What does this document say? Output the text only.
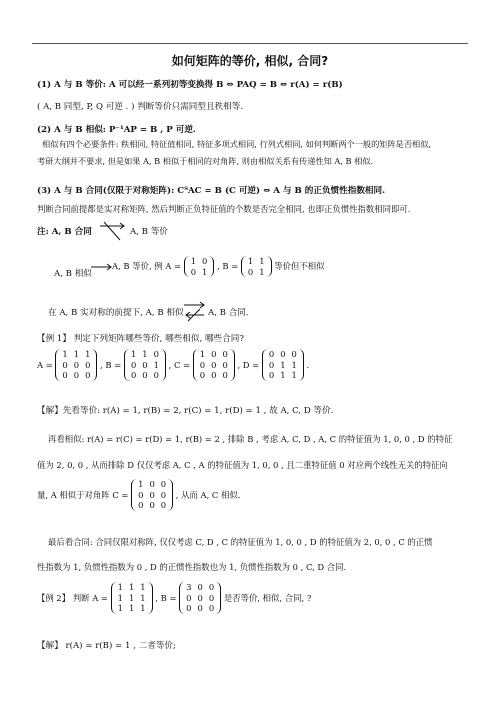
如何矩阵的等价, 相似, 合同?
(1) A 与 B 等价: A 可以经一系列初等变换得 B ⇔ PAQ = B ⇔ r(A) = r(B)
( A, B 同型, P, Q 可逆 . ) 判断等价只需同型且秩相等.
(2) A 与 B 相似: P⁻¹AP = B , P 可逆.
相似有四个必要条件: 秩相同, 特征值相同, 特征多项式相同, 行列式相同, 如何判断两个一般的矩阵是否相似,
考研大纲并不要求, 但是如果 A, B 相似于相同的对角阵, 则由相似关系有传递性知 A, B 相似.
(3) A 与 B 合同(仅限于对称矩阵): CᵀAC = B (C 可逆) ⇔ A 与 B 的正负惯性指数相同.
判断合同前提都是实对称矩阵, 然后判断正负特征值的个数是否完全相同, 也即正负惯性指数相同即可.
注: A, B 合同	A, B 等价
A, B 相似
A, B 等价, 例 A =
1	0
0	1
, B =
1	1
0	1
等价但不相似
在 A, B 实对称的前提下, A, B 相似	A, B 合同.
【例 1】 判定下列矩阵哪些等价, 哪些相似, 哪些合同?
A =
1	1	1
0	0	0
0	0	0
, B =
1	1	0
0	0	1
0	0	0
, C =
1	0	0
0	0	0
0	0	0
, D =
0	0	0
0	1	1
0	1	1
.
【解】先看等价: r(A) = 1, r(B) = 2, r(C) = 1, r(D) = 1 , 故 A, C, D 等价.
再看相似: r(A) = r(C) = r(D) = 1, r(B) = 2 , 排除 B , 考虑 A, C, D , A, C 的特征值为 1, 0, 0 , D 的特征
值为 2, 0, 0 , 从而排除 D 仅仅考虑 A, C , A 的特征值为 1, 0, 0 , 且二重特征值 0 对应两个线性无关的特征向
量, A 相似于对角阵 C =
1	0	0
0	0	0
0	0	0
, 从而 A, C 相似.
最后看合同: 合同仅限对称阵, 仅仅考虑 C, D , C 的特征值为 1, 0, 0 , D 的特征值为 2, 0, 0 , C 的正惯
性指数为 1, 负惯性指数为 0 , D 的正惯性指数也为 1, 负惯性指数为 0 , C, D 合同.
【例 2】 判断 A =
1	1	1
1	1	1
1	1	1
, B =
3	0	0
0	0	0
0	0	0
是否等价, 相似, 合同, ?
【解】 r(A) = r(B) = 1 , 二者等价;
